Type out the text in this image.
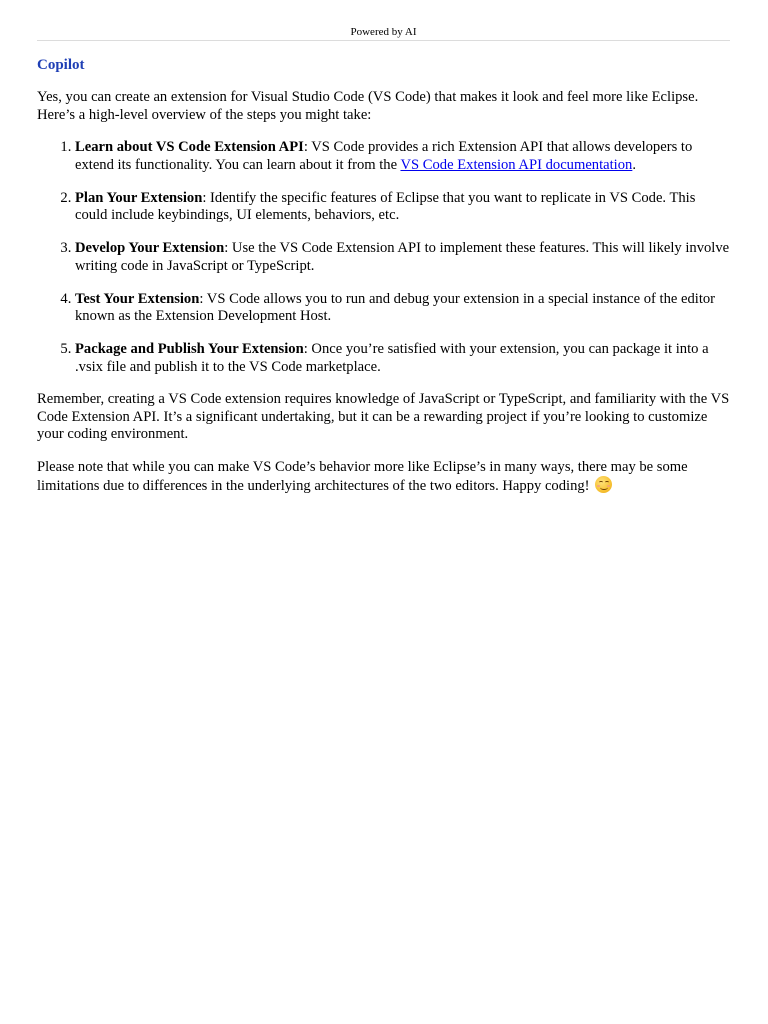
Powered by AI
Copilot

Yes, you can create an extension for Visual Studio Code (VS Code) that makes it look and feel more like Eclipse. Here’s a high-level overview of the steps you might take:

1. Learn about VS Code Extension API: VS Code provides a rich Extension API that allows developers to extend its functionality. You can learn about it from the VS Code Extension API documentation.
2. Plan Your Extension: Identify the specific features of Eclipse that you want to replicate in VS Code. This could include keybindings, UI elements, behaviors, etc.
3. Develop Your Extension: Use the VS Code Extension API to implement these features. This will likely involve writing code in JavaScript or TypeScript.
4. Test Your Extension: VS Code allows you to run and debug your extension in a special instance of the editor known as the Extension Development Host.
5. Package and Publish Your Extension: Once you’re satisfied with your extension, you can package it into a .vsix file and publish it to the VS Code marketplace.

Remember, creating a VS Code extension requires knowledge of JavaScript or TypeScript, and familiarity with the VS Code Extension API. It’s a significant undertaking, but it can be a rewarding project if you’re looking to customize your coding environment.

Please note that while you can make VS Code’s behavior more like Eclipse’s in many ways, there may be some limitations due to differences in the underlying architectures of the two editors. Happy coding!
